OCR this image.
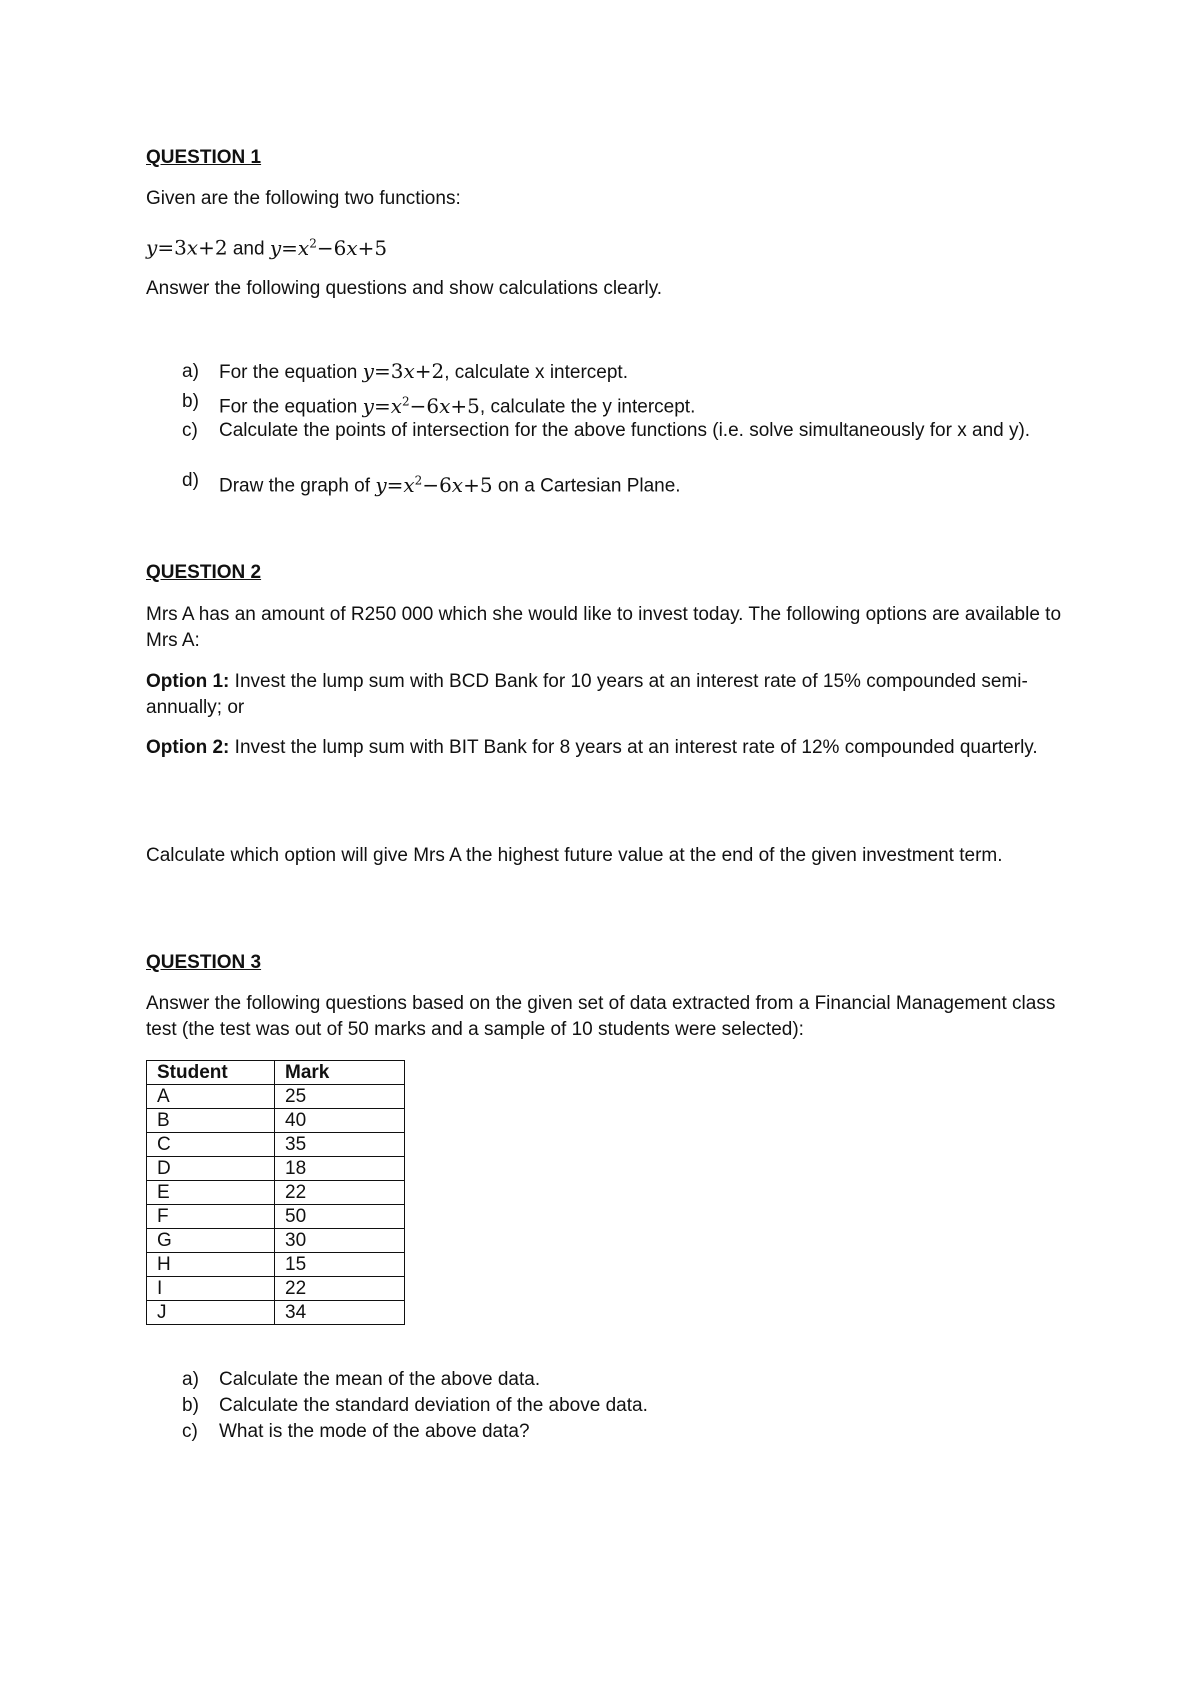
QUESTION 1
Given are the following two functions:
y=3x+2 and $y=x^2-6x+5$
Answer the following questions and show calculations clearly.
a) For the equation y=3x+2, calculate x intercept.
b) For the equation $y=x^2-6x+5$, calculate the y intercept.
c) Calculate the points of intersection for the above functions (i.e. solve simultaneously for x and y).
d) Draw the graph of $y=x^2-6x+5$ on a Cartesian Plane.
QUESTION 2
Mrs A has an amount of R250 000 which she would like to invest today. The following options are available to Mrs A:
Option 1: Invest the lump sum with BCD Bank for 10 years at an interest rate of 15% compounded semi-annually; or
Option 2: Invest the lump sum with BIT Bank for 8 years at an interest rate of 12% compounded quarterly.
Calculate which option will give Mrs A the highest future value at the end of the given investment term.
QUESTION 3
Answer the following questions based on the given set of data extracted from a Financial Management class test (the test was out of 50 marks and a sample of 10 students were selected):
Student	Mark
A	25
B	40
C	35
D	18
E	22
F	50
G	30
H	15
I	22
J	34
a) Calculate the mean of the above data.
b) Calculate the standard deviation of the above data.
c) What is the mode of the above data?
